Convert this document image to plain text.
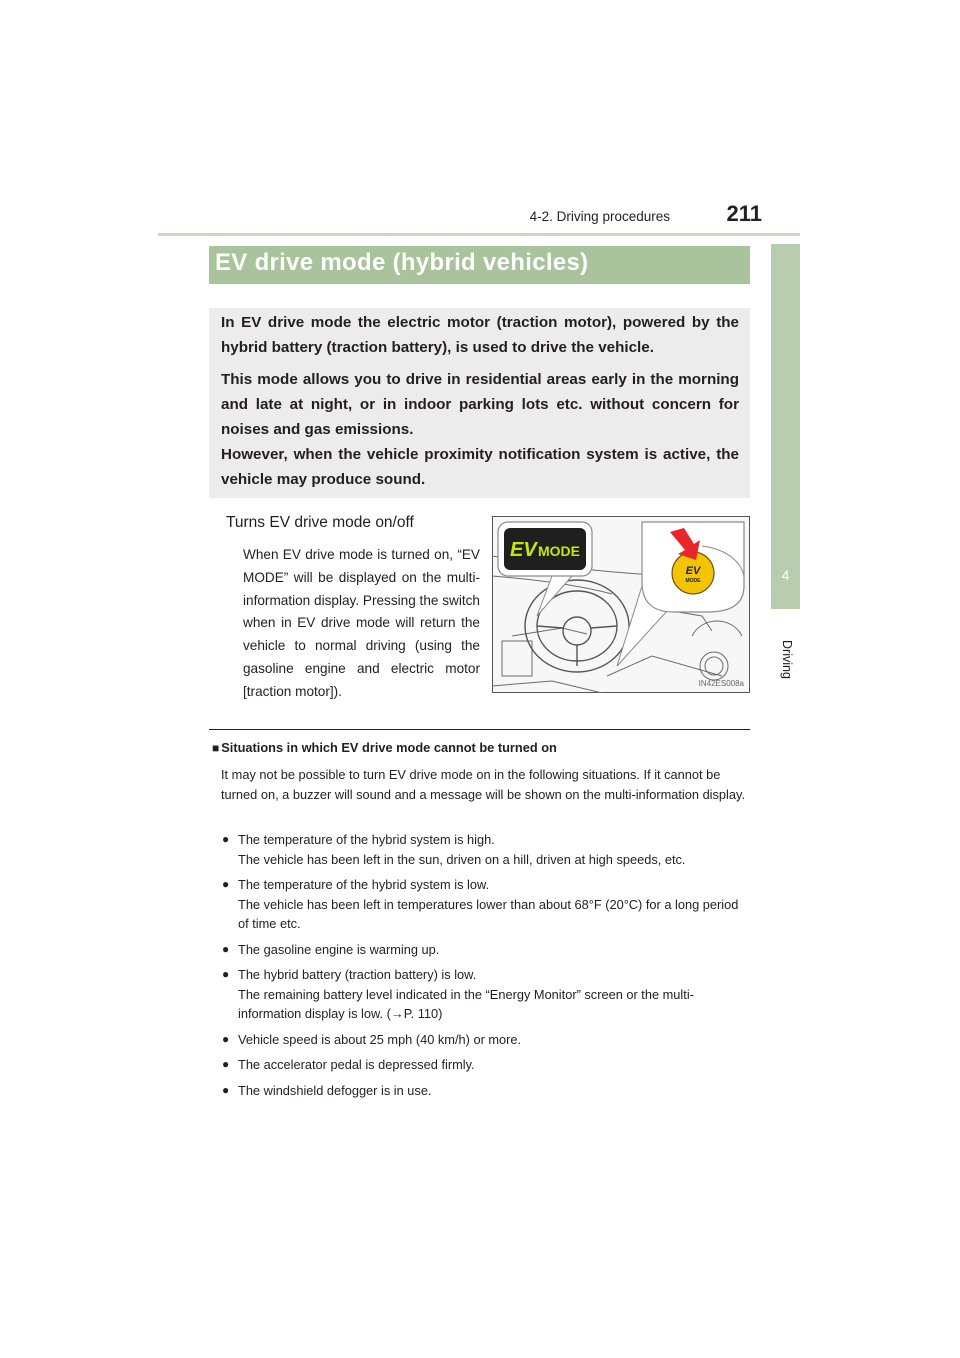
4-2. Driving procedures	211
4
Driving
EV drive mode (hybrid vehicles)

In EV drive mode the electric motor (traction motor), powered by the hybrid battery (traction battery), is used to drive the vehicle.

This mode allows you to drive in residential areas early in the morning and late at night, or in indoor parking lots etc. without concern for noises and gas emissions.

However, when the vehicle proximity notification system is active, the vehicle may produce sound.

Turns EV drive mode on/off

When EV drive mode is turned on, “EV MODE” will be displayed on the multi-information display. Pressing the switch when in EV drive mode will return the vehicle to normal driving (using the gasoline engine and electric motor [traction motor]).

EV MODE
EV
MODE
IN42ES008a
■ Situations in which EV drive mode cannot be turned on

It may not be possible to turn EV drive mode on in the following situations. If it cannot be turned on, a buzzer will sound and a message will be shown on the multi-information display.

● The temperature of the hybrid system is high.
The vehicle has been left in the sun, driven on a hill, driven at high speeds, etc.
● The temperature of the hybrid system is low.
The vehicle has been left in temperatures lower than about 68°F (20°C) for a long period of time etc.
● The gasoline engine is warming up.
● The hybrid battery (traction battery) is low.
The remaining battery level indicated in the “Energy Monitor” screen or the multi-information display is low. (→P. 110)
● Vehicle speed is about 25 mph (40 km/h) or more.
● The accelerator pedal is depressed firmly.
● The windshield defogger is in use.
